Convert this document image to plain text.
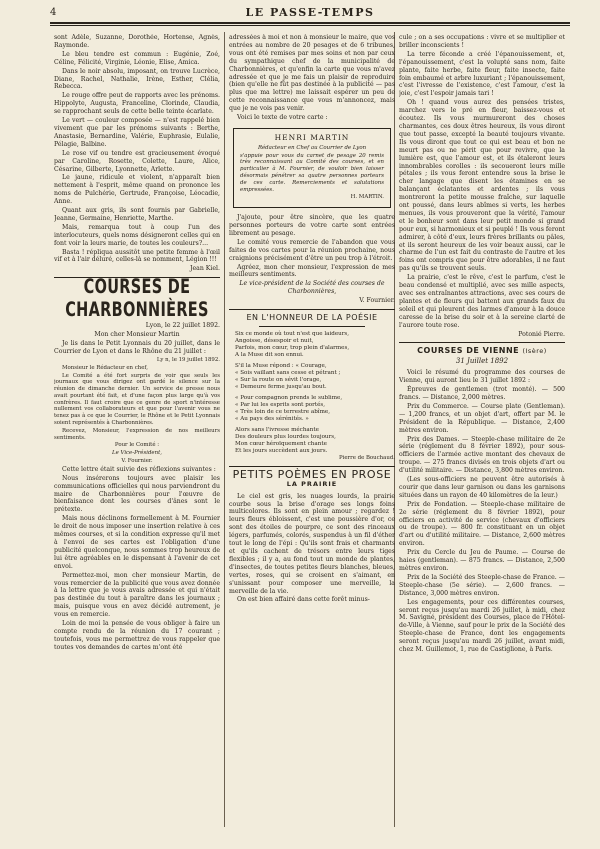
4	LE PASSE-TEMPS

sont Adèle, Suzanne, Dorothée, Hortense, Agnès, Raymonde.

Le bleu tendre est commun : Eugénie, Zoé, Céline, Félicité, Virginie, Léonie, Elise, Amica.

Dans le noir absolu, imposant, on trouve Lucrèce, Diane, Rachel, Nathalie, Irène, Esther, Clélia, Rebecca.

Le rouge offre peut de rapports avec les prénoms. Hippolyte, Augusta, Franceline, Clorinde, Claudia, se rapprochant seuls de cette belle teinte écarlate.

Le vert — couleur composée — n'est rappelé bien vivement que par les prénoms suivants : Berthe, Anastasie, Bernardine, Valérie, Euphrasie, Eulalie, Pélagie, Balbine.

Le rose vif ou tendre est gracieusement évoqué par Caroline, Rosette, Colette, Laure, Alice, Césarine, Gilberte, Lyonnette, Arlette.

Le jaune, ridicule et violent, n'apparaît bien nettement à l'esprit, même quand on prononce les noms de Pulchérie, Gertrude, Françoise, Léocadie, Anne.

Quant aux gris, ils sont fournis par Gabrielle, Jeanne, Germaine, Henriette, Marthe.

Mais, remarqua tout à coup l'un des interlocuteurs, quels noms désigneront celles qui en font voir la leurs marie, de toutes les couleurs?...

Basta ! répliqua aussitôt une petite femme à l'œil vif et à l'air déluré, celles-là se nomment, Légion !!!

Jean Kiel.

COURSES DE CHARBONNIÈRES

Lyon, le 22 juillet 1892.

Mon cher Monsieur Martin

Je lis dans le Petit Lyonnais du 20 juillet, dans le Courrier de Lyon et dans le Rhône du 21 juillet :

Ly n, le 19 juillet 1892.

Monsieur le Rédacteur en chef,

Le Comité a été fort surpris de voir que seuls les journaux que vous dirigez ont gardé le silence sur la réunion de dimanche dernier. Un service de presse nous avait pourtant été fait, et d'une façon plus large qu'à vos confrères. Il faut croire que ce genre de sport n'intéresse nullement vos collaborateurs et que pour l'avenir vous ne tenez pas à ce que le Courrier, le Rhône et le Petit Lyonnais soient représentés à Charbonnières.

Recevez, Monsieur, l'expression de nos meilleurs sentiments.

Pour le Comité :

Le Vice-Président,

V. Fournier.

Cette lettre était suivie des réflexions suivantes :

Nous insérerons toujours avec plaisir les communications officielles qui nous parviendront du maire de Charbonnières pour l'œuvre de bienfaisance dont les courses d'ânes sont le prétexte.

Mais nous déclinons formellement à M. Fournier le droit de nous imposer une insertion relative à ces mêmes courses, et si la condition expresse qu'il met à l'envoi de ses cartes est l'obligation d'une publicité quelconque, nous sommes trop heureux de lui être agréables en le dispensant à l'avenir de cet envoi.

Permettez-moi, mon cher monsieur Martin, de vous remercier de la publicité que vous avez donnée à la lettre que je vous avais adressée et qui n'était pas destinée du tout à paraître dans les journaux ; mais, puisque vous en avez décidé autrement, je vous en remercie.

Loin de moi la pensée de vous obliger à faire un compte rendu de la réunion du 17 courant ; toutefois, vous me permettrez de vous rappeler que toutes vos demandes de cartes m'ont été

adressées à moi et non à monsieur le maire, que vos entrées au nombre de 20 pesages et de 6 tribunes, vous ont été remises par mes soins et non par ceux du sympathique chef de la municipalité de Charbonnières, et qu'enfin la carte que vous m'avez adressée et que je me fais un plaisir de reproduire (bien qu'elle ne fût pas destinée à la publicité — pas plus que ma lettre) me laissait espérer un peu de cette reconnaissance que vous m'annoncez, mais que je ne vois pas venir.

Voici le texte de votre carte :

HENRI MARTIN

Rédacteur en Chef au Courrier de Lyon

s'appuie pour vous du carnet de pesage 20 remis très reconnaissant au Comité des courses, et en particulier à M. Fournier, de vouloir bien laisser désormais pénétrer sa quatre personnes porteurs de ces carte. Remerciements et salutations empressées.

H. MARTIN.

J'ajoute, pour être sincère, que les quatre personnes porteurs de votre carte sont entrées librement au pesage.

Le comité vous remercie de l'abandon que vous faites de vos cartes pour la réunion prochaine, nous craignions précisément d'être un peu trop à l'étroit.

Agréez, mon cher monsieur, l'expression de mes meilleurs sentiments.

Le vice-président de la Société des courses de Charbonnières,

V. Fournier.

EN L'HONNEUR DE LA POÉSIE
Six ce monde où tout n'est que laideurs,
Angoisse, désespoir et nuit,
Parfois, mon cœur, trop plein d'alarmes,
A la Muse dit son ennui.
S'il la Muse répond : « Courage,
« Sois vaillant sans cesse et pétrant ;
« Sur la route on sévit l'orage,
« Demeure ferme jusqu'au bout.
« Pour compagnon prends le sublime,
« Par lui les esprits sont portés,
« Très loin de ce terrestre abîme,
« Au pays des sérénités. »
Alors sans l'ivresse méchante
Des douleurs plus lourdes toujours,
Mon cœur héroïquement chante
Et les jours succèdent aux jours.

Pierre de Bouchaud.

PETITS POÈMES EN PROSE
LA PRAIRIE

Le ciel est gris, les nuages lourds, la prairie courbe sous la brise d'orage ses longs foins multicolores. Ils sont en plein amour ; regardez ! leurs fleurs ébloissent, c'est une poussière d'or, ce sont des étoiles de pourpre, ce sont des rinceaux légers, parfumés, colorés, suspendus à un fil d'éther tout le long de l'épi : Qu'ils sont frais et charmants et qu'ils cachent de trésors entre leurs tiges flexibles ; il y a, au fond tout un monde de plantes, d'insectes, de toutes petites fleurs blanches, bleues, vertes, roses, qui se croisent en s'aimant, en s'unissant pour composer une merveille, la merveille de la vie.

On est bien affairé dans cette forêt minus-

cule ; on a ses occupations : vivre et se multiplier et briller inconscients !

La terre féconde a créé l'épanouissement, et, l'épanouissement, c'est la volupté sans nom, faite plante, faite herbe, faite fleur, faite insecte, faite foin embaumé et arbre luxuriant ; l'épanouissement, c'est l'ivresse de l'existence, c'est l'amour, c'est la joie, c'est l'espoir jamais tari !

Oh ! quand vous aurez des pensées tristes, marchez vers le pré en fleur, baissez-vous et écoutez. Ils vous murmureront des choses charmantes, ces doux êtres heureux, ils vous diront que tout passe, excepté la beauté toujours vivante. Ils vous diront que tout ce qui est beau et bon ne meurt pas ou ne périt que pour revivre, que la lumière est, que l'amour est, et ils étaleront leurs innombrables corolles : ils secoueront leurs mille pétales ; ils vous feront entendre sous la brise le cher langage que disent les étamines en se balançant éclatantes et ardentes ; ils vous montreront la petite mousse fraîche, sur laquelle ont poussé, dans leurs abîmes si verts, les herbes menues, ils vous prouveront que la vérité, l'amour et le bonheur sont dans leur petit monde si grand pour eux, si harmonieux et si peuplé ! Ils vous feront admirer, à côté d'eux, leurs frères brillants ou pâles, et ils seront heureux de les voir beaux aussi, car le charme de l'un est fait du contraste de l'autre et les foins ont compris que pour être adorables, il ne faut pas qu'ils se trouvent seuls.

La prairie, c'est le rêve, c'est le parfum, c'est le beau condensé et multiplié, avec ses mille aspects, avec ses entraînantes attractions, avec ses cours de plantes et de fleurs qui battent aux grands faux du soleil et qui pleurent des larmes d'amour à la douce caresse de la brise du soir et à la sereine clarté de l'aurore toute rose.

Potonié Pierre.

COURSES DE VIENNE (Isère)
31 Juillet 1892

Voici le résumé du programme des courses de Vienne, qui auront lieu le 31 juillet 1892 :

Épreuves de gentlemen (trot monté). — 500 francs. — Distance, 2,000 mètres.

Prix du Commerce. — Course plate (Gentleman). — 1,200 francs, et un objet d'art, offert par M. le Président de la République. — Distance, 2,400 mètres environ.

Prix des Dames. — Steeple-chase militaire de 2e série (réglement du 8 février 1892), pour sous-officiers de l'armée active montant des chevaux de troupe. — 275 francs divisés en trois objets d'art ou d'utilité militaire. — Distance, 3,800 mètres environ.

(Les sous-officiers ne peuvent être autorisés à courir que dans leur garnison ou dans les garnisons situées dans un rayon de 40 kilomètres de la leur.)

Prix de Fondation. — Steeple-chase militaire de 2e série (réglement du 8 février 1892), pour officiers en activité de service (chevaux d'officiers ou de troupe). — 800 fr. constituant en un objet d'art ou d'utilité militaire. — Distance, 2,600 mètres environ.

Prix du Cercle du Jeu de Paume. — Course de haies (gentleman). — 875 francs. — Distance, 2,500 mètres environ.

Prix de la Société des Steeple-chase de France. — Steeple-chase (5e série). — 2,600 francs. — Distance, 3,000 mètres environ.

Les engagements, pour ces différentes courses, seront reçus jusqu'au mardi 26 juillet, à midi, chez M. Savigné, président des Courses, place de l'Hôtel-de-Ville, à Vienne, sauf pour le prix de la Société des Steeple-chase de France, dont les engagements seront reçus jusqu'au mardi 26 juillet, avant midi, chez M. Guillemot, 1, rue de Castiglione, à Paris.
